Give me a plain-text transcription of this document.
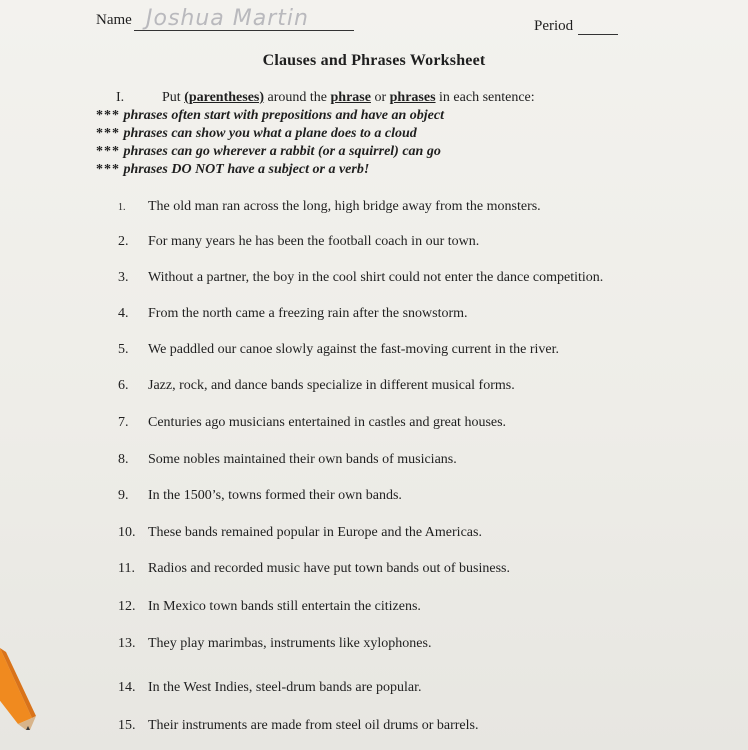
Name Joshua Martin	Period
Clauses and Phrases Worksheet
I.	Put (parentheses) around the phrase or phrases in each sentence:
*** phrases often start with prepositions and have an object
*** phrases can show you what a plane does to a cloud
*** phrases can go wherever a rabbit (or a squirrel) can go
*** phrases DO NOT have a subject or a verb!
1. The old man ran across the long, high bridge away from the monsters.
2. For many years he has been the football coach in our town.
3. Without a partner, the boy in the cool shirt could not enter the dance competition.
4. From the north came a freezing rain after the snowstorm.
5. We paddled our canoe slowly against the fast-moving current in the river.
6. Jazz, rock, and dance bands specialize in different musical forms.
7. Centuries ago musicians entertained in castles and great houses.
8. Some nobles maintained their own bands of musicians.
9. In the 1500’s, towns formed their own bands.
10. These bands remained popular in Europe and the Americas.
11. Radios and recorded music have put town bands out of business.
12. In Mexico town bands still entertain the citizens.
13. They play marimbas, instruments like xylophones.
14. In the West Indies, steel-drum bands are popular.
15. Their instruments are made from steel oil drums or barrels.
